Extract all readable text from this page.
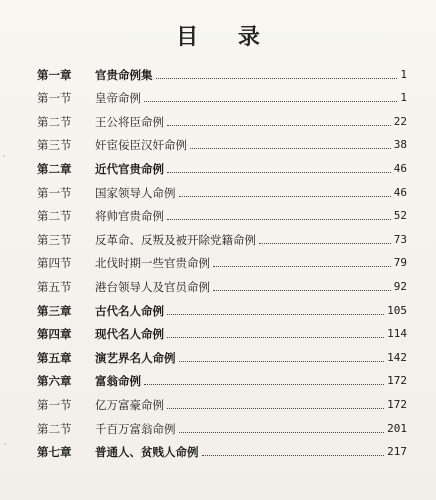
目 录
第一章	官贵命例集	1
第一节	皇帝命例	1
第二节	王公将臣命例	22
第三节	奸宦佞臣汉奸命例	38
第二章	近代官贵命例	46
第一节	国家领导人命例	46
第二节	将帅官贵命例	52
第三节	反革命、反叛及被开除党籍命例	73
第四节	北伐时期一些官贵命例	79
第五节	港台领导人及官员命例	92
第三章	古代名人命例	105
第四章	现代名人命例	114
第五章	演艺界名人命例	142
第六章	富翁命例	172
第一节	亿万富豪命例	172
第二节	千百万富翁命例	201
第七章	普通人、贫贱人命例	217
·
·
